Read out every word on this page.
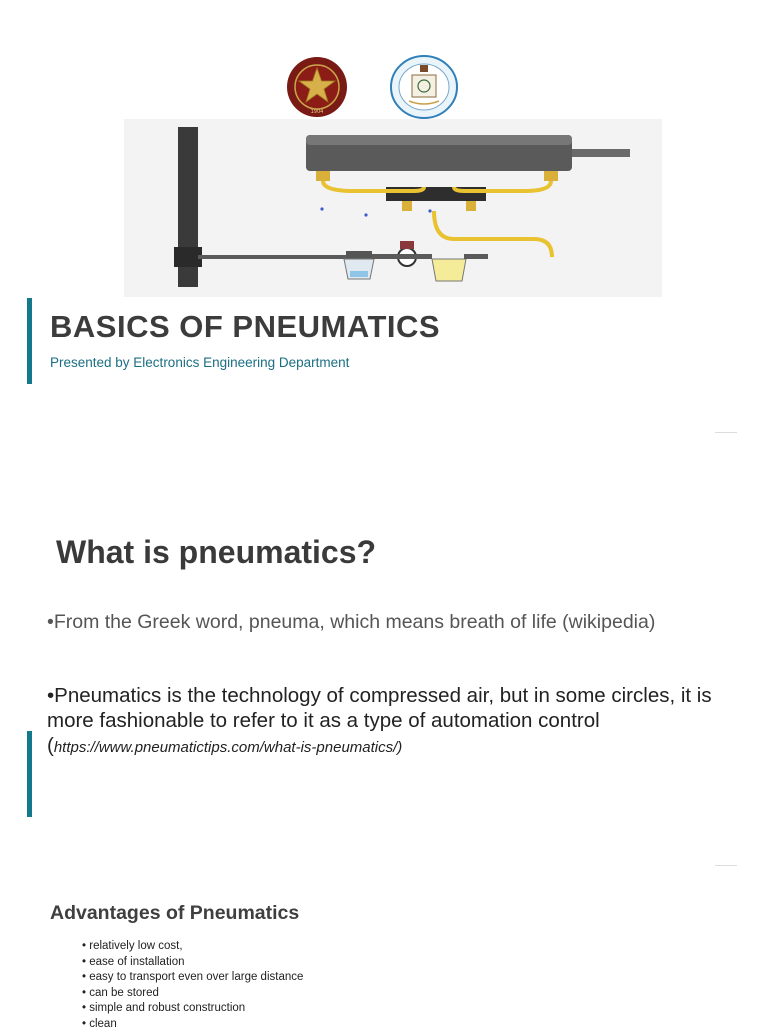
1904
BASICS OF PNEUMATICS
Presented by Electronics Engineering Department
What is pneumatics?
•From the Greek word, pneuma, which means breath of life (wikipedia)
•Pneumatics is the technology of compressed air, but in some circles, it is more fashionable to refer to it as a type of automation control (https://www.pneumatictips.com/what-is-pneumatics/)
Advantages of Pneumatics
• relatively low cost,
• ease of installation
• easy to transport even over large distance
• can be stored
• simple and robust construction
• clean
